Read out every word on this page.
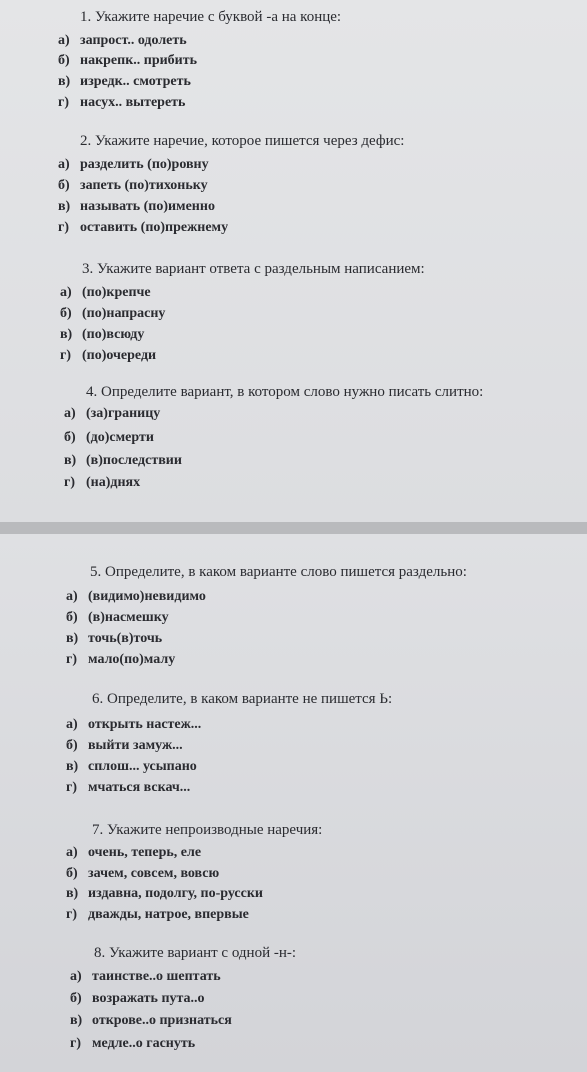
1. Укажите наречие с буквой -а на конце:
а) запрост.. одолеть
б) накрепк.. прибить
в) изредк.. смотреть
г) насух.. вытереть
2. Укажите наречие, которое пишется через дефис:
а) разделить (по)ровну
б) запеть (по)тихоньку
в) называть (по)именно
г) оставить (по)прежнему
3. Укажите вариант ответа с раздельным написанием:
а) (по)крепче
б) (по)напрасну
в) (по)всюду
г) (по)очереди
4. Определите вариант, в котором слово нужно писать слитно:
а) (за)границу
б) (до)смерти
в) (в)последствии
г) (на)днях
5. Определите, в каком варианте слово пишется раздельно:
а) (видимо)невидимо
б) (в)насмешку
в) точь(в)точь
г) мало(по)малу
6. Определите, в каком варианте не пишется Ь:
а) открыть настеж...
б) выйти замуж...
в) сплош... усыпано
г) мчаться вскач...
7. Укажите непроизводные наречия:
а) очень, теперь, еле
б) зачем, совсем, вовсю
в) издавна, подолгу, по-русски
г) дважды, натрое, впервые
8. Укажите вариант с одной -н-:
а) таинстве..о шептать
б) возражать пута..о
в) открове..о признаться
г) медле..о гаснуть
